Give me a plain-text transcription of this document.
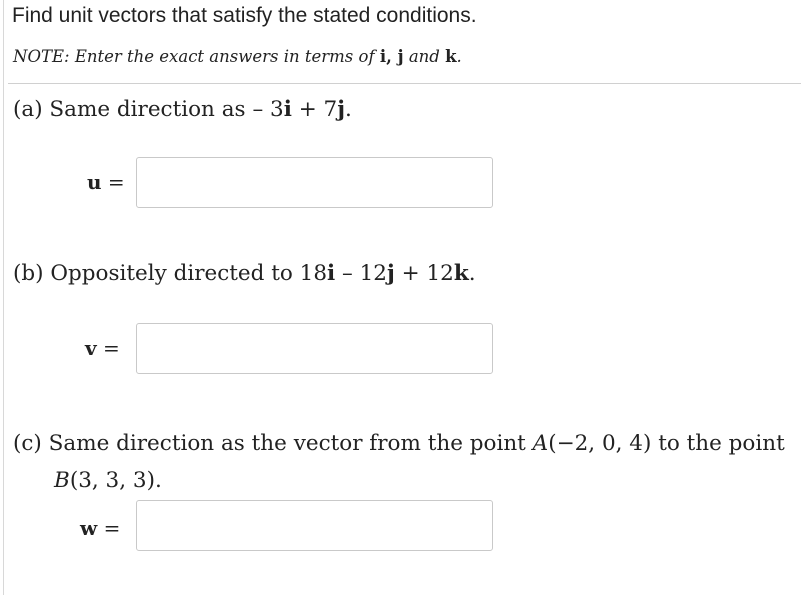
Find unit vectors that satisfy the stated conditions.
NOTE: Enter the exact answers in terms of i, j and k.
(a) Same direction as – 3i + 7j.
u =
(b) Oppositely directed to 18i – 12j + 12k.
v =
(c) Same direction as the vector from the point A(−2, 0, 4) to the point
B(3, 3, 3).
w =
